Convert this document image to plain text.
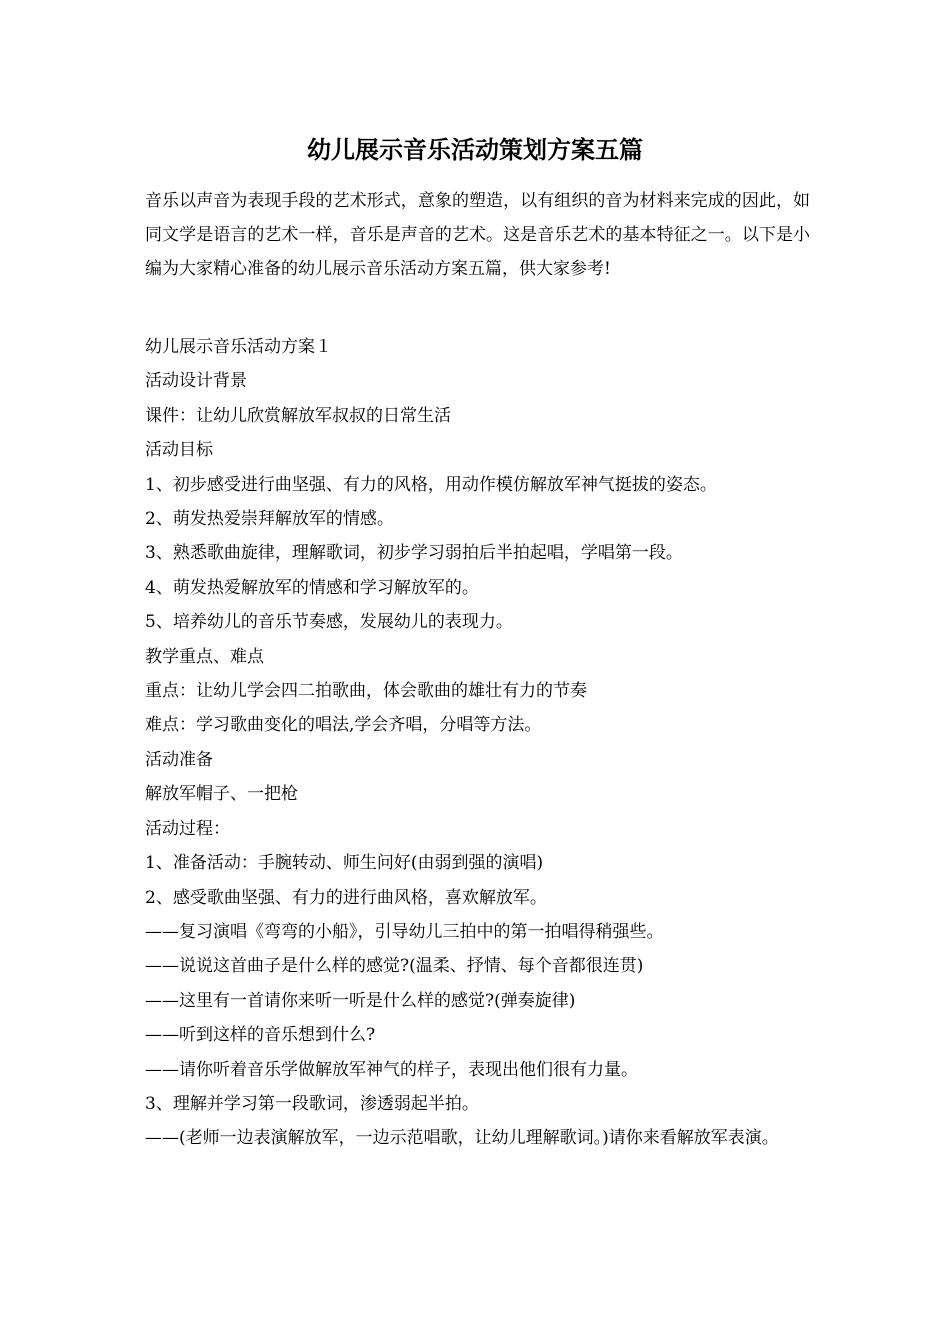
幼儿展示音乐活动策划方案五篇

音乐以声音为表现手段的艺术形式，意象的塑造，以有组织的音为材料来完成的因此，如同文学是语言的艺术一样，音乐是声音的艺术。这是音乐艺术的基本特征之一。以下是小编为大家精心准备的幼儿展示音乐活动方案五篇，供大家参考!

幼儿展示音乐活动方案１

活动设计背景

课件：让幼儿欣赏解放军叔叔的日常生活

活动目标

1、初步感受进行曲坚强、有力的风格，用动作模仿解放军神气挺拔的姿态。

2、萌发热爱崇拜解放军的情感。

3、熟悉歌曲旋律，理解歌词，初步学习弱拍后半拍起唱，学唱第一段。

4、萌发热爱解放军的情感和学习解放军的。

5、培养幼儿的音乐节奏感，发展幼儿的表现力。

教学重点、难点

重点：让幼儿学会四二拍歌曲，体会歌曲的雄壮有力的节奏

难点：学习歌曲变化的唱法,学会齐唱，分唱等方法。

活动准备

解放军帽子、一把枪

活动过程：

1、准备活动：手腕转动、师生问好(由弱到强的演唱)

2、感受歌曲坚强、有力的进行曲风格，喜欢解放军。

——复习演唱《弯弯的小船》，引导幼儿三拍中的第一拍唱得稍强些。

——说说这首曲子是什么样的感觉?(温柔、抒情、每个音都很连贯)

——这里有一首请你来听一听是什么样的感觉?(弹奏旋律)

——听到这样的音乐想到什么?

——请你听着音乐学做解放军神气的样子，表现出他们很有力量。

3、理解并学习第一段歌词，渗透弱起半拍。

——(老师一边表演解放军，一边示范唱歌，让幼儿理解歌词。)请你来看解放军表演。
